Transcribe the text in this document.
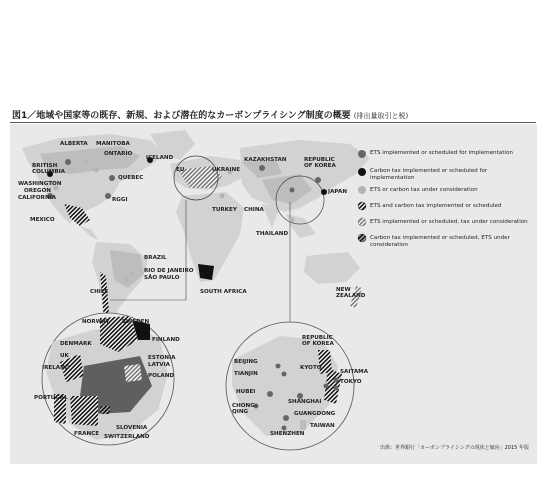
図1／地域や国家等の既存、新規、および潜在的なカーボンプライシング制度の概要 (排出量取引と税)
ETS implemented or scheduled for implementation
Carbon tax implemented or scheduled for implementation
ETS or carbon tax under consideration
ETS and carbon tax implemented or scheduled
ETS implemented or scheduled, tax under consideration
Carbon tax implemented or scheduled, ETS under consideration
ALBERTA MANITOBA
ONTARIO
BRITISH COLUMBIA
QUEBEC
WASHINGTON
OREGON
CALIFORNIA	RGGI
MEXICO
ICELAND
EU	UKRAINE
TURKEY
KAZAKHSTAN
CHINA
REPUBLIC OF KOREA
JAPAN
THAILAND
BRAZIL
RIO DE JANEIRO
SÃO PAULO
CHILE	SOUTH AFRICA	NEW ZEALAND
NORWAY SWEDEN
FINLAND
DENMARK
UK
IRELAND
ESTONIA
LATVIA
POLAND
PORTUGAL
SLOVENIA
FRANCE SWITZERLAND
BEIJING
TIANJIN
HUBEI
CHONG-QING
SHANGHAI
GUANGDONG
TAIWAN
SHENZHEN
REPUBLIC OF KOREA
KYOTO
SAITAMA
TOKYO
出典：世界銀行「カーボンプライシングの現状と傾向」2015 年版
